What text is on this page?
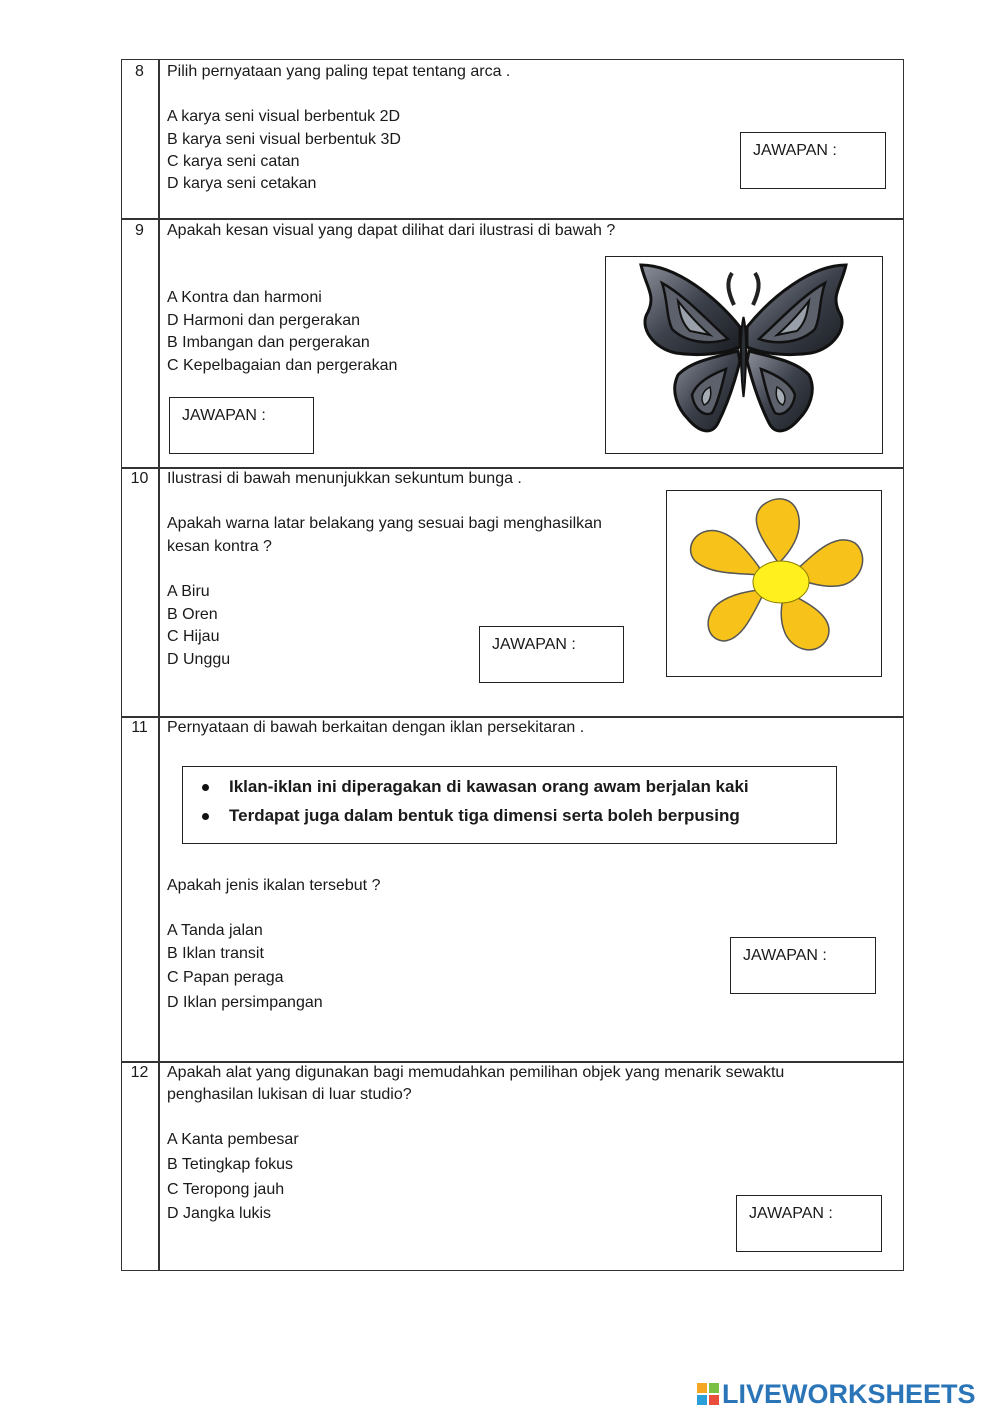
8	Pilih pernyataan yang paling tepat tentang arca .
A karya seni visual berbentuk 2D
B karya seni visual berbentuk 3D
C karya seni catan
D karya seni cetakan
JAWAPAN :
9	Apakah kesan visual yang dapat dilihat dari ilustrasi di bawah ?
A Kontra dan harmoni
D Harmoni dan pergerakan
B Imbangan dan pergerakan
C Kepelbagaian dan pergerakan
JAWAPAN :
10	Ilustrasi di bawah menunjukkan sekuntum bunga .
Apakah warna latar belakang yang sesuai bagi menghasilkan
kesan kontra ?
A Biru
B Oren
C Hijau
D Unggu
JAWAPAN :
11	Pernyataan di bawah berkaitan dengan iklan persekitaran .
Iklan-iklan ini diperagakan di kawasan orang awam berjalan kaki
Terdapat juga dalam bentuk tiga dimensi serta boleh berpusing
Apakah jenis ikalan tersebut ?
A Tanda jalan
B Iklan transit
C Papan peraga
D Iklan persimpangan
JAWAPAN :
12	Apakah alat yang digunakan bagi memudahkan pemilihan objek yang menarik sewaktu
penghasilan lukisan di luar studio?
A Kanta pembesar
B Tetingkap fokus
C Teropong jauh
D Jangka lukis	JAWAPAN :
LIVEWORKSHEETS
